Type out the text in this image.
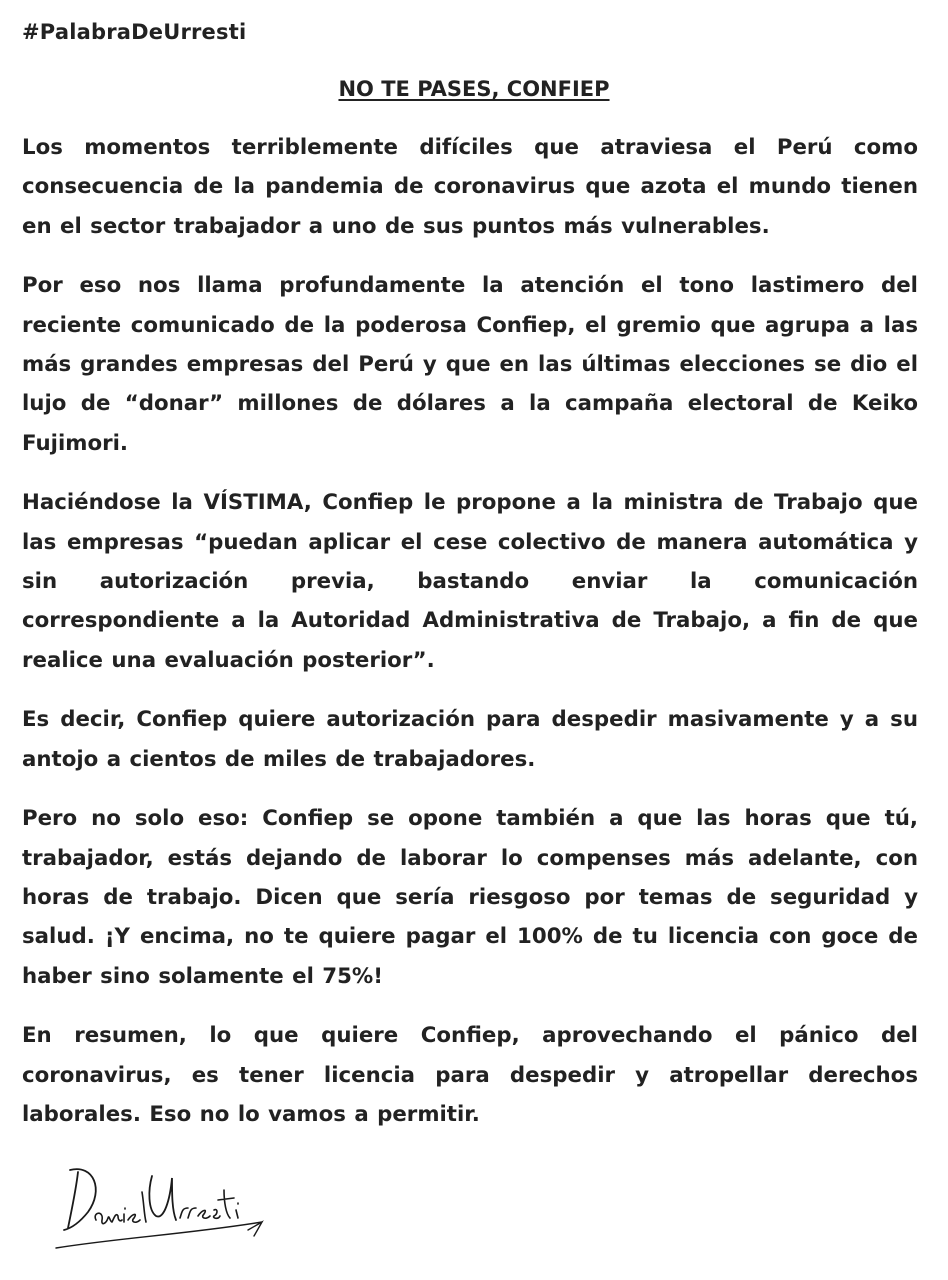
#PalabraDeUrresti
NO TE PASES, CONFIEP

Los momentos terriblemente difíciles que atraviesa el Perú como consecuencia de la pandemia de coronavirus que azota el mundo tienen en el sector trabajador a uno de sus puntos más vulnerables.

Por eso nos llama profundamente la atención el tono lastimero del reciente comunicado de la poderosa Confiep, el gremio que agrupa a las más grandes empresas del Perú y que en las últimas elecciones se dio el lujo de “donar” millones de dólares a la campaña electoral de Keiko Fujimori.

Haciéndose la VÍSTIMA, Confiep le propone a la ministra de Trabajo que las empresas “puedan aplicar el cese colectivo de manera automática y sin autorización previa, bastando enviar la comunicación correspondiente a la Autoridad Administrativa de Trabajo, a fin de que realice una evaluación posterior”.

Es decir, Confiep quiere autorización para despedir masivamente y a su antojo a cientos de miles de trabajadores.

Pero no solo eso: Confiep se opone también a que las horas que tú, trabajador, estás dejando de laborar lo compenses más adelante, con horas de trabajo. Dicen que sería riesgoso por temas de seguridad y salud. ¡Y encima, no te quiere pagar el 100% de tu licencia con goce de haber sino solamente el 75%!

En resumen, lo que quiere Confiep, aprovechando el pánico del coronavirus, es tener licencia para despedir y atropellar derechos laborales. Eso no lo vamos a permitir.
